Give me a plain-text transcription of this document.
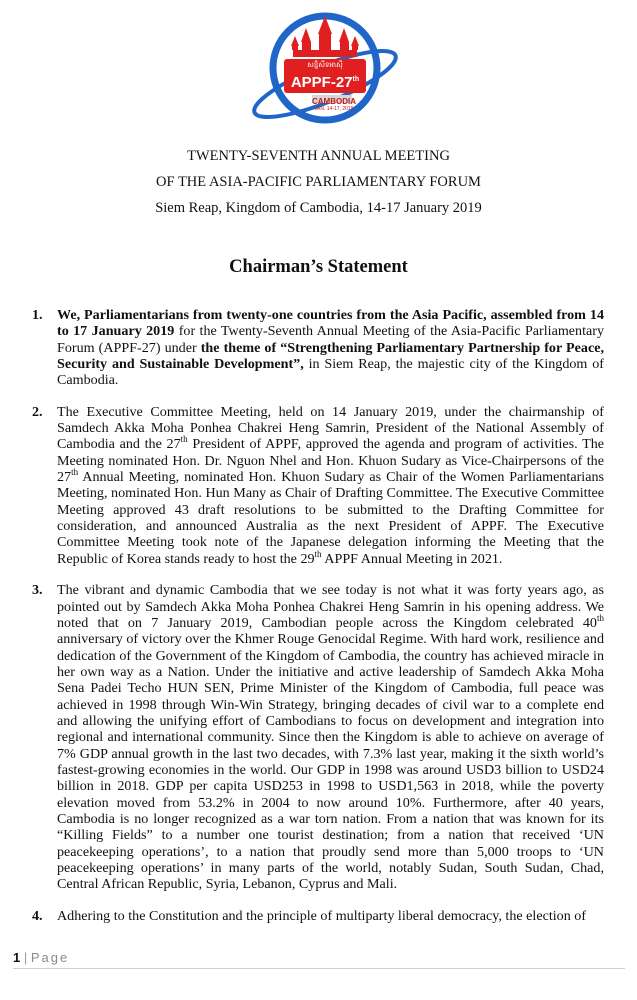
សន្និសីទអាស៊ី
APPF-27th
CAMBODIA
JAN. 14-17, 2019
TWENTY-SEVENTH ANNUAL MEETING
OF THE ASIA-PACIFIC PARLIAMENTARY FORUM
Siem Reap, Kingdom of Cambodia, 14-17 January 2019
Chairman’s Statement
1. We, Parliamentarians from twenty-one countries from the Asia Pacific, assembled from 14 to 17 January 2019 for the Twenty-Seventh Annual Meeting of the Asia-Pacific Parliamentary Forum (APPF-27) under the theme of “Strengthening Parliamentary Partnership for Peace, Security and Sustainable Development”, in Siem Reap, the majestic city of the Kingdom of Cambodia.
2. The Executive Committee Meeting, held on 14 January 2019, under the chairmanship of Samdech Akka Moha Ponhea Chakrei Heng Samrin, President of the National Assembly of Cambodia and the 27th President of APPF, approved the agenda and program of activities. The Meeting nominated Hon. Dr. Nguon Nhel and Hon. Khuon Sudary as Vice-Chairpersons of the 27th Annual Meeting, nominated Hon. Khuon Sudary as Chair of the Women Parliamentarians Meeting, nominated Hon. Hun Many as Chair of Drafting Committee. The Executive Committee Meeting approved 43 draft resolutions to be submitted to the Drafting Committee for consideration, and announced Australia as the next President of APPF. The Executive Committee Meeting took note of the Japanese delegation informing the Meeting that the Republic of Korea stands ready to host the 29th APPF Annual Meeting in 2021.
3. The vibrant and dynamic Cambodia that we see today is not what it was forty years ago, as pointed out by Samdech Akka Moha Ponhea Chakrei Heng Samrin in his opening address. We noted that on 7 January 2019, Cambodian people across the Kingdom celebrated 40th anniversary of victory over the Khmer Rouge Genocidal Regime. With hard work, resilience and dedication of the Government of the Kingdom of Cambodia, the country has achieved miracle in her own way as a Nation. Under the initiative and active leadership of Samdech Akka Moha Sena Padei Techo HUN SEN, Prime Minister of the Kingdom of Cambodia, full peace was achieved in 1998 through Win-Win Strategy, bringing decades of civil war to a complete end and allowing the unifying effort of Cambodians to focus on development and integration into regional and international community. Since then the Kingdom is able to achieve on average of 7% GDP annual growth in the last two decades, with 7.3% last year, making it the sixth world’s fastest-growing economies in the world. Our GDP in 1998 was around USD3 billion to USD24 billion in 2018. GDP per capita USD253 in 1998 to USD1,563 in 2018, while the poverty elevation moved from 53.2% in 2004 to now around 10%. Furthermore, after 40 years, Cambodia is no longer recognized as a war torn nation. From a nation that was known for its “Killing Fields” to a number one tourist destination; from a nation that received ‘UN peacekeeping operations’, to a nation that proudly send more than 5,000 troops to ‘UN peacekeeping operations’ in many parts of the world, notably Sudan, South Sudan, Chad, Central African Republic, Syria, Lebanon, Cyprus and Mali.
4. Adhering to the Constitution and the principle of multiparty liberal democracy, the election of
1 | Page
